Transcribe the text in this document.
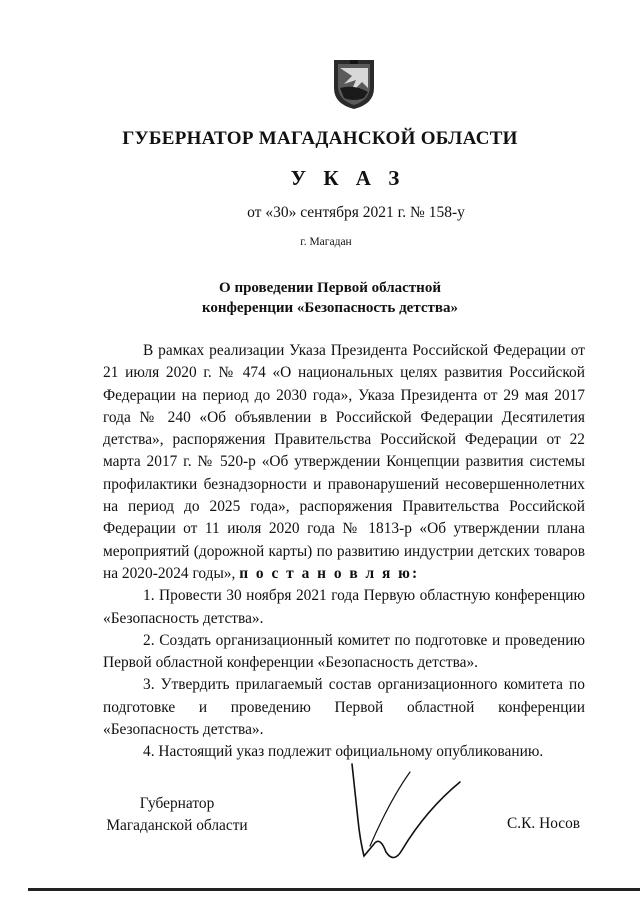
ГУБЕРНАТОР МАГАДАНСКОЙ ОБЛАСТИ
У К А З
от «30» сентября 2021 г. № 158-у
г. Магадан
О проведении Первой областной
конференции «Безопасность детства»

В рамках реализации Указа Президента Российской Федерации от 21 июля 2020 г. № 474 «О национальных целях развития Российской Федерации на период до 2030 года», Указа Президента от 29 мая 2017 года № 240 «Об объявлении в Российской Федерации Десятилетия детства», распоряжения Правительства Российской Федерации от 22 марта 2017 г. № 520-р «Об утверждении Концепции развития системы профилактики безнадзорности и правонарушений несовершеннолетних на период до 2025 года», распоряжения Правительства Российской Федерации от 11 июля 2020 года № 1813-р «Об утверждении плана мероприятий (дорожной карты) по развитию индустрии детских товаров на 2020-2024 годы», п о с т а н о в л я ю:

1. Провести 30 ноября 2021 года Первую областную конференцию «Безопасность детства».

2. Создать организационный комитет по подготовке и проведению Первой областной конференции «Безопасность детства».

3. Утвердить прилагаемый состав организационного комитета по подготовке и проведению Первой областной конференции «Безопасность детства».

4. Настоящий указ подлежит официальному опубликованию.

Губернатор
Магаданской области	С.К. Носов
